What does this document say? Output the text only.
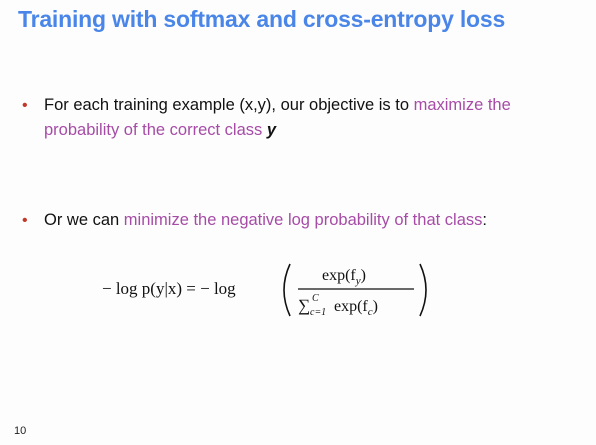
Training with softmax and cross-entropy loss
• For each training example (x,y), our objective is to maximize the probability of the correct class y
• Or we can minimize the negative log probability of that class:
− log p(y|x) = − log
$\exp(f_y)$
∑ C
c=1 $\exp(f_c)$
10
